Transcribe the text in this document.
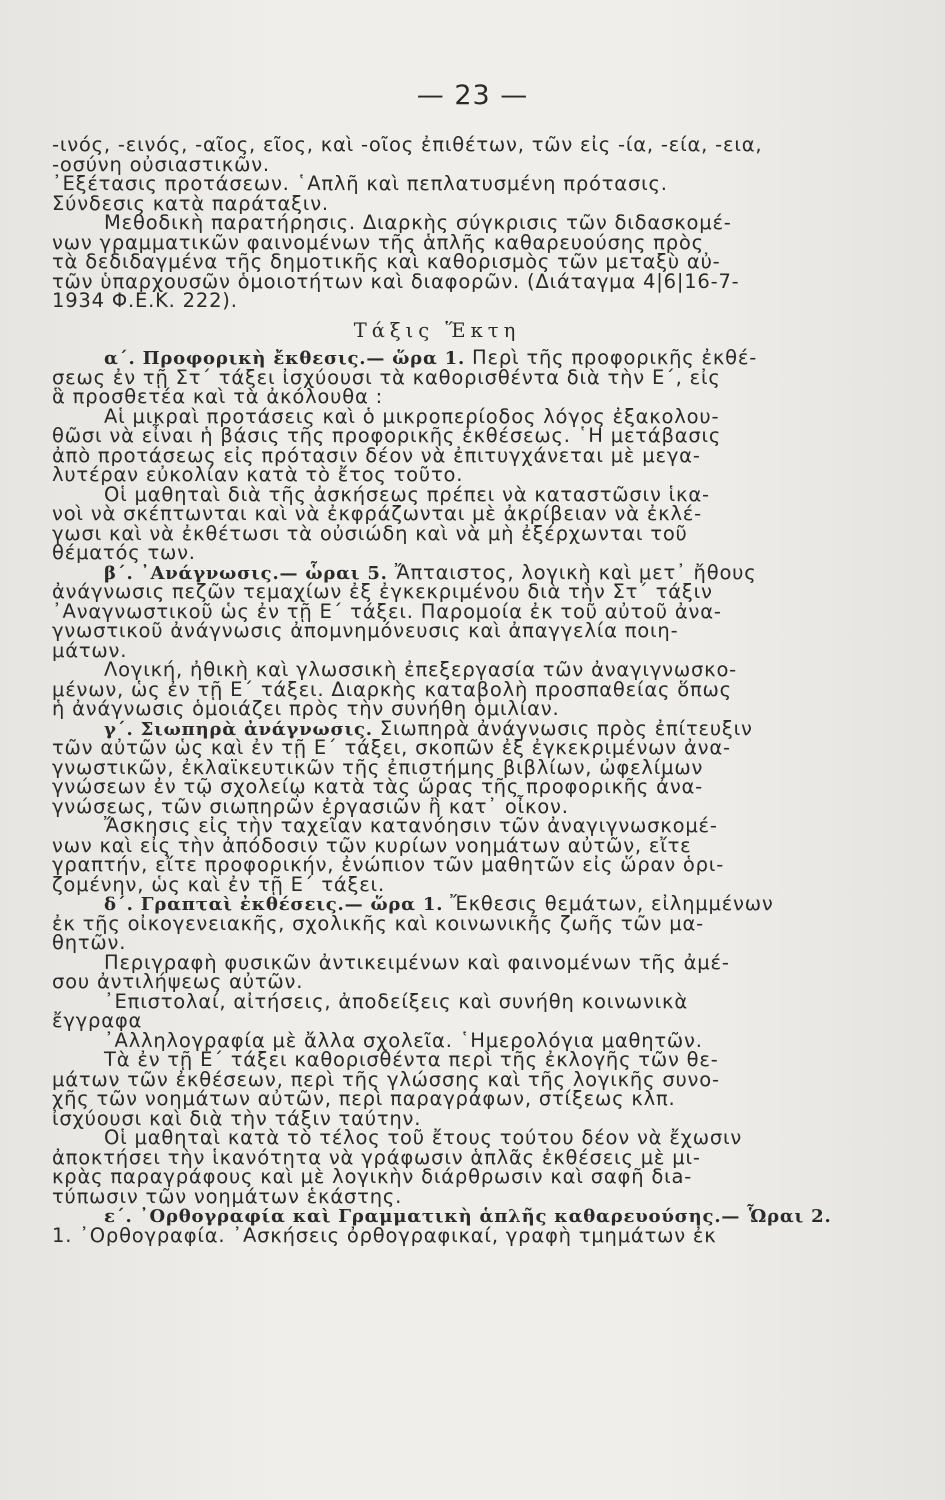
— 23 —
-ινός, -εινός, -αῖος, εῖος, καὶ -οῖος ἐπιθέτων, τῶν εἰς -ία, -εία, -εια,
-οσύνη οὐσιαστικῶν.
᾿Εξέτασις προτάσεων. ῾Απλῆ καὶ πεπλατυσμένη πρότασις.
Σύνδεσις κατὰ παράταξιν.
Μεθοδικὴ παρατήρησις. Διαρκὴς σύγκρισις τῶν διδασκομέ-
νων γραμματικῶν φαινομένων τῆς ἁπλῆς καθαρευούσης πρὸς
τὰ δεδιδαγμένα τῆς δημοτικῆς καὶ καθορισμὸς τῶν μεταξὺ αὐ-
τῶν ὑπαρχουσῶν ὁμοιοτήτων καὶ διαφορῶν. (Διάταγμα 4|6|16-7-
1934 Φ.Ε.Κ. 222).
Τάξις Ἕκτη
α΄. Προφορικὴ ἔκθεσις.— ὥρα 1. Περὶ τῆς προφορικῆς ἐκθέ-
σεως ἐν τῇ Στ΄ τάξει ἰσχύουσι τὰ καθορισθέντα διὰ τὴν Ε΄, εἰς
ἃ προσθετέα καὶ τὰ ἀκόλουθα :
Αἱ μικραὶ προτάσεις καὶ ὁ μικροπερίοδος λόγος ἐξακολου-
θῶσι νὰ εἶναι ἡ βάσις τῆς προφορικῆς ἐκθέσεως. ῾Η μετάβασις
ἀπὸ προτάσεως εἰς πρότασιν δέον νὰ ἐπιτυγχάνεται μὲ μεγα-
λυτέραν εὐκολίαν κατὰ τὸ ἔτος τοῦτο.
Οἱ μαθηταὶ διὰ τῆς ἀσκήσεως πρέπει νὰ καταστῶσιν ἱκα-
νοὶ νὰ σκέπτωνται καὶ νὰ ἐκφράζωνται μὲ ἀκρίβειαν νὰ ἐκλέ-
γωσι καὶ νὰ ἐκθέτωσι τὰ οὐσιώδη καὶ νὰ μὴ ἐξέρχωνται τοῦ
θέματός των.
β΄. ᾿Ανάγνωσις.— ὧραι 5. Ἄπταιστος, λογικὴ καὶ μετ᾿ ἤθους
ἀνάγνωσις πεζῶν τεμαχίων ἐξ ἐγκεκριμένου διὰ τὴν Στ΄ τάξιν
᾿Αναγνωστικοῦ ὡς ἐν τῇ Ε΄ τάξει. Παρομοία ἐκ τοῦ αὐτοῦ ἀνα-
γνωστικοῦ ἀνάγνωσις ἀπομνημόνευσις καὶ ἀπαγγελία ποιη-
μάτων.
Λογική, ἠθικὴ καὶ γλωσσικὴ ἐπεξεργασία τῶν ἀναγιγνωσκο-
μένων, ὡς ἐν τῇ Ε΄ τάξει. Διαρκὴς καταβολὴ προσπαθείας ὅπως
ἡ ἀνάγνωσις ὁμοιάζει πρὸς τὴν συνήθη ὁμιλίαν.
γ΄. Σιωπηρὰ ἀνάγνωσις. Σιωπηρὰ ἀνάγνωσις πρὸς ἐπίτευξιν
τῶν αὐτῶν ὡς καὶ ἐν τῇ Ε΄ τάξει, σκοπῶν ἐξ ἐγκεκριμένων ἀνα-
γνωστικῶν, ἐκλαϊκευτικῶν τῆς ἐπιστήμης βιβλίων, ὠφελίμων
γνώσεων ἐν τῷ σχολείῳ κατὰ τὰς ὥρας τῆς προφορικῆς ἀνα-
γνώσεως, τῶν σιωπηρῶν ἐργασιῶν ἢ κατ᾿ οἶκον.
Ἄσκησις εἰς τὴν ταχεῖαν κατανόησιν τῶν ἀναγιγνωσκομέ-
νων καὶ εἰς τὴν ἀπόδοσιν τῶν κυρίων νοημάτων αὐτῶν, εἴτε
γραπτήν, εἴτε προφορικήν, ἐνώπιον τῶν μαθητῶν εἰς ὥραν ὁρι-
ζομένην, ὡς καὶ ἐν τῇ Ε΄ τάξει.
δ΄. Γραπταὶ ἐκθέσεις.— ὥρα 1. Ἔκθεσις θεμάτων, εἰλημμένων
ἐκ τῆς οἰκογενειακῆς, σχολικῆς καὶ κοινωνικῆς ζωῆς τῶν μα-
θητῶν.
Περιγραφὴ φυσικῶν ἀντικειμένων καὶ φαινομένων τῆς ἀμέ-
σου ἀντιλήψεως αὐτῶν.
᾿Επιστολαί, αἰτήσεις, ἀποδείξεις καὶ συνήθη κοινωνικὰ
ἔγγραφα
᾿Αλληλογραφία μὲ ἄλλα σχολεῖα. ῾Ημερολόγια μαθητῶν.
Τὰ ἐν τῇ Ε΄ τάξει καθορισθέντα περὶ τῆς ἐκλογῆς τῶν θε-
μάτων τῶν ἐκθέσεων, περὶ τῆς γλώσσης καὶ τῆς λογικῆς συνο-
χῆς τῶν νοημάτων αὐτῶν, περὶ παραγράφων, στίξεως κλπ.
ἰσχύουσι καὶ διὰ τὴν τάξιν ταύτην.
Οἱ μαθηταὶ κατὰ τὸ τέλος τοῦ ἔτους τούτου δέον νὰ ἔχωσιν
ἀποκτήσει τὴν ἱκανότητα νὰ γράφωσιν ἁπλᾶς ἐκθέσεις μὲ μι-
κρὰς παραγράφους καὶ μὲ λογικὴν διάρθρωσιν καὶ σαφῆ διa-
τύπωσιν τῶν νοημάτων ἑκάστης.
ε΄. ᾿Ορθογραφία καὶ Γραμματικὴ ἁπλῆς καθαρευούσης.— Ὧραι 2.
1. ᾿Ορθογραφία. ᾿Ασκήσεις ὀρθογραφικαί, γραφὴ τμημάτων ἐκ
